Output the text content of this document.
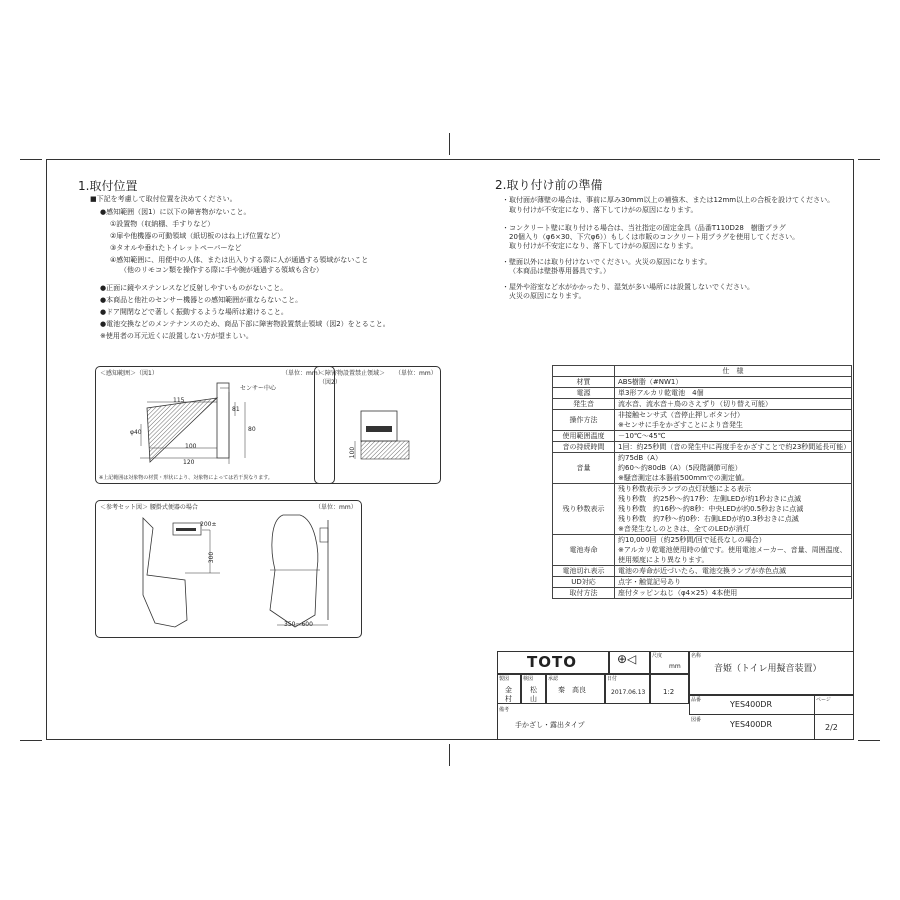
1.取付位置
■下記を考慮して取付位置を決めてください。
●感知範囲（図1）に以下の障害物がないこと。
①設置物（収納棚、手すりなど）
②扉や他機器の可動領域（紙切板のはね上げ位置など）
③タオルや垂れたトイレットペーパーなど
④感知範囲に、用便中の人体、または出入りする際に人が通過する領域がないこと
（他のリモコン類を操作する際に手や腕が通過する領域も含む）
●正面に鏡やステンレスなど反射しやすいものがないこと。
●本商品と他社のセンサー機器との感知範囲が重ならないこと。
●ドア開閉などで著しく振動するような場所は避けること。
●電池交換などのメンテナンスのため、商品下部に障害物設置禁止領域（図2）をとること。
※使用者の耳元近くに設置しない方が望ましい。
2.取り付け前の準備
・取付面が薄壁の場合は、事前に厚み30mm以上の補強木、または12mm以上の合板を設けてください。
取り付けが不安定になり、落下してけがの原因になります。
・コンクリート壁に取り付ける場合は、当社指定の固定金具（品番T110D28　樹脂プラグ
20個入り（φ6×30、下穴φ6））もしくは市販のコンクリート用プラグを使用してください。
取り付けが不安定になり、落下してけがの原因になります。
・壁面以外には取り付けないでください。火災の原因になります。
（本商品は壁掛専用器具です。）
・屋外や浴室など水がかかったり、湿気が多い場所には設置しないでください。
火災の原因になります。
＜感知範囲＞（図1）	（単位：mm）
センサー中心
115
81
80
φ40
100
120
※上記範囲は対象物の材質・形状により、対象物によっては若干異なります。
＜障害物設置禁止領域＞
（図2）
（単位：mm）
100
＜参考セット図＞ 腰掛式便器の場合	（単位：mm）
200±
300
350～600
	仕　様
材質	ABS樹脂（#NW1）

電源	単3形アルカリ乾電池　4個

発生音	流水音、流水音＋鳥のさえずり（切り替え可能）

操作方法	非接触センサ式（音停止押しボタン付）
※センサに手をかざすことにより音発生

使用範囲温度	－10℃～45℃

音の持続時間	1回：約25秒間（音の発生中に再度手をかざすことで約23秒間延長可能）

音量	約75dB（A）
約60～約80dB（A）（5段階調節可能）
※騒音測定は本器前500mmでの測定値。

残り秒数表示	残り秒数表示ランプの点灯状態による表示
残り秒数　約25秒～約17秒：左側LEDが約1秒おきに点滅
残り秒数　約16秒～約8秒：中央LEDが約0.5秒おきに点滅
残り秒数　約7秒～約0秒：右側LEDが約0.3秒おきに点滅
※音発生なしのときは、全てのLEDが消灯

電池寿命	約10,000回（約25秒間/回で延長なしの場合）
※アルカリ乾電池使用時の値です。使用電池メーカー、音量、周囲温度、
使用頻度により異なります。

電池切れ表示	電池の寿命が近づいたら、電池交換ランプが赤色点滅

UD対応	点字・触覚記号あり

取付方法	座付タッピンねじ（φ4×25）4本使用
TOTO	⊕◁	尺度
mm
名称
音姫（トイレ用擬音装置）
製図
金村
検図
松山
承認
秦　高良
日付
2017.06.13	1:2
品番	YES400DR	ページ
2/2
図番	YES400DR
備考
手かざし・露出タイプ
